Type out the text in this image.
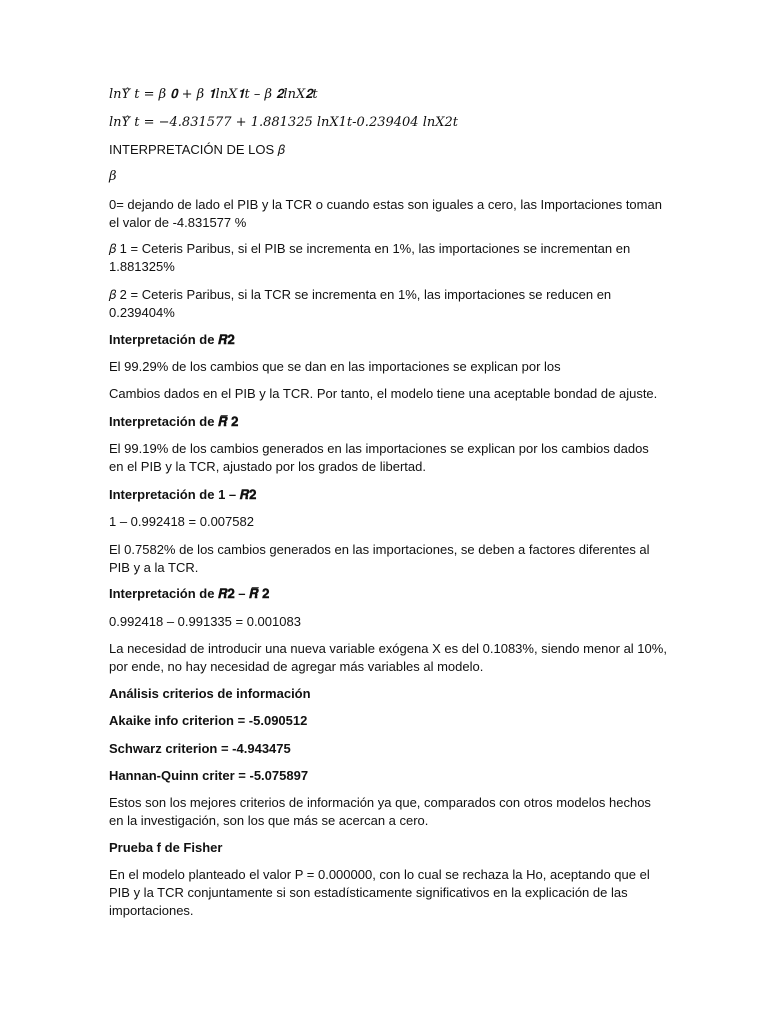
𝑙𝑛𝑌̂ 𝑡 = 𝛽 𝟎 + 𝛽 𝟏𝑙𝑛𝑋𝟏𝑡 – 𝛽 𝟐𝑙𝑛𝑋𝟐𝑡
𝑙𝑛𝑌̂ 𝑡 = −4.831577 + 1.881325 ln𝑋1𝑡-0.239404 ln𝑋2𝑡
INTERPRETACIÓN DE LOS 𝛽
𝛽
0= dejando de lado el PIB y la TCR o cuando estas son iguales a cero, las Importaciones toman el valor de -4.831577 %
𝛽 1 = Ceteris Paribus, si el PIB se incrementa en 1%, las importaciones se incrementan en 1.881325%
𝛽 2 = Ceteris Paribus, si la TCR se incrementa en 1%, las importaciones se reducen en 0.239404%
Interpretación de 𝑹𝟐
El 99.29% de los cambios que se dan en las importaciones se explican por los
Cambios dados en el PIB y la TCR. Por tanto, el modelo tiene una aceptable bondad de ajuste.
Interpretación de 𝑹̅ 𝟐
El 99.19% de los cambios generados en las importaciones se explican por los cambios dados en el PIB y la TCR, ajustado por los grados de libertad.
Interpretación de 1 – 𝑹𝟐
1 – 0.992418 = 0.007582
El 0.7582% de los cambios generados en las importaciones, se deben a factores diferentes al PIB y a la TCR.
Interpretación de 𝑹𝟐 – 𝑹̅ 𝟐
0.992418 – 0.991335 = 0.001083
La necesidad de introducir una nueva variable exógena X es del 0.1083%, siendo menor al 10%, por ende, no hay necesidad de agregar más variables al modelo.
Análisis criterios de información
Akaike info criterion = -5.090512
Schwarz criterion = -4.943475
Hannan-Quinn criter = -5.075897
Estos son los mejores criterios de información ya que, comparados con otros modelos hechos en la investigación, son los que más se acercan a cero.
Prueba f de Fisher
En el modelo planteado el valor P = 0.000000, con lo cual se rechaza la Ho, aceptando que el PIB y la TCR conjuntamente si son estadísticamente significativos en la explicación de las importaciones.
